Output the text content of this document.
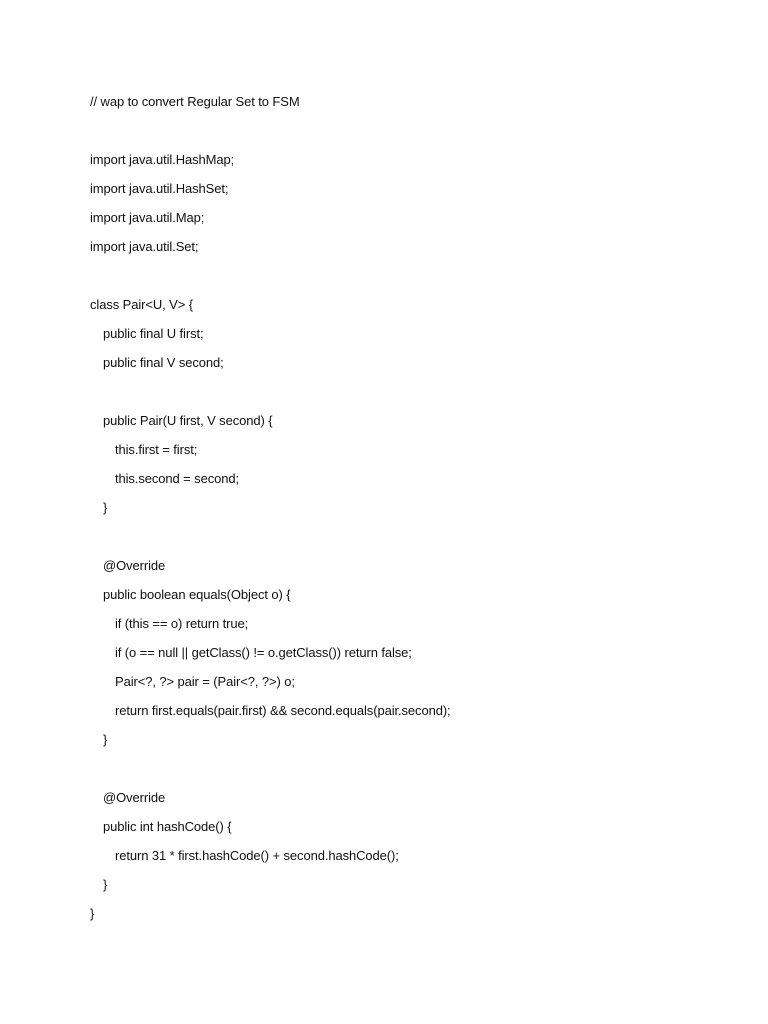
// wap to convert Regular Set to FSM
import java.util.HashMap;
import java.util.HashSet;
import java.util.Map;
import java.util.Set;
class Pair<U, V> {
public final U first;
public final V second;
public Pair(U first, V second) {
this.first = first;
this.second = second;
}
@Override
public boolean equals(Object o) {
if (this == o) return true;
if (o == null || getClass() != o.getClass()) return false;
Pair<?, ?> pair = (Pair<?, ?>) o;
return first.equals(pair.first) && second.equals(pair.second);
}
@Override
public int hashCode() {
return 31 * first.hashCode() + second.hashCode();
}
}
